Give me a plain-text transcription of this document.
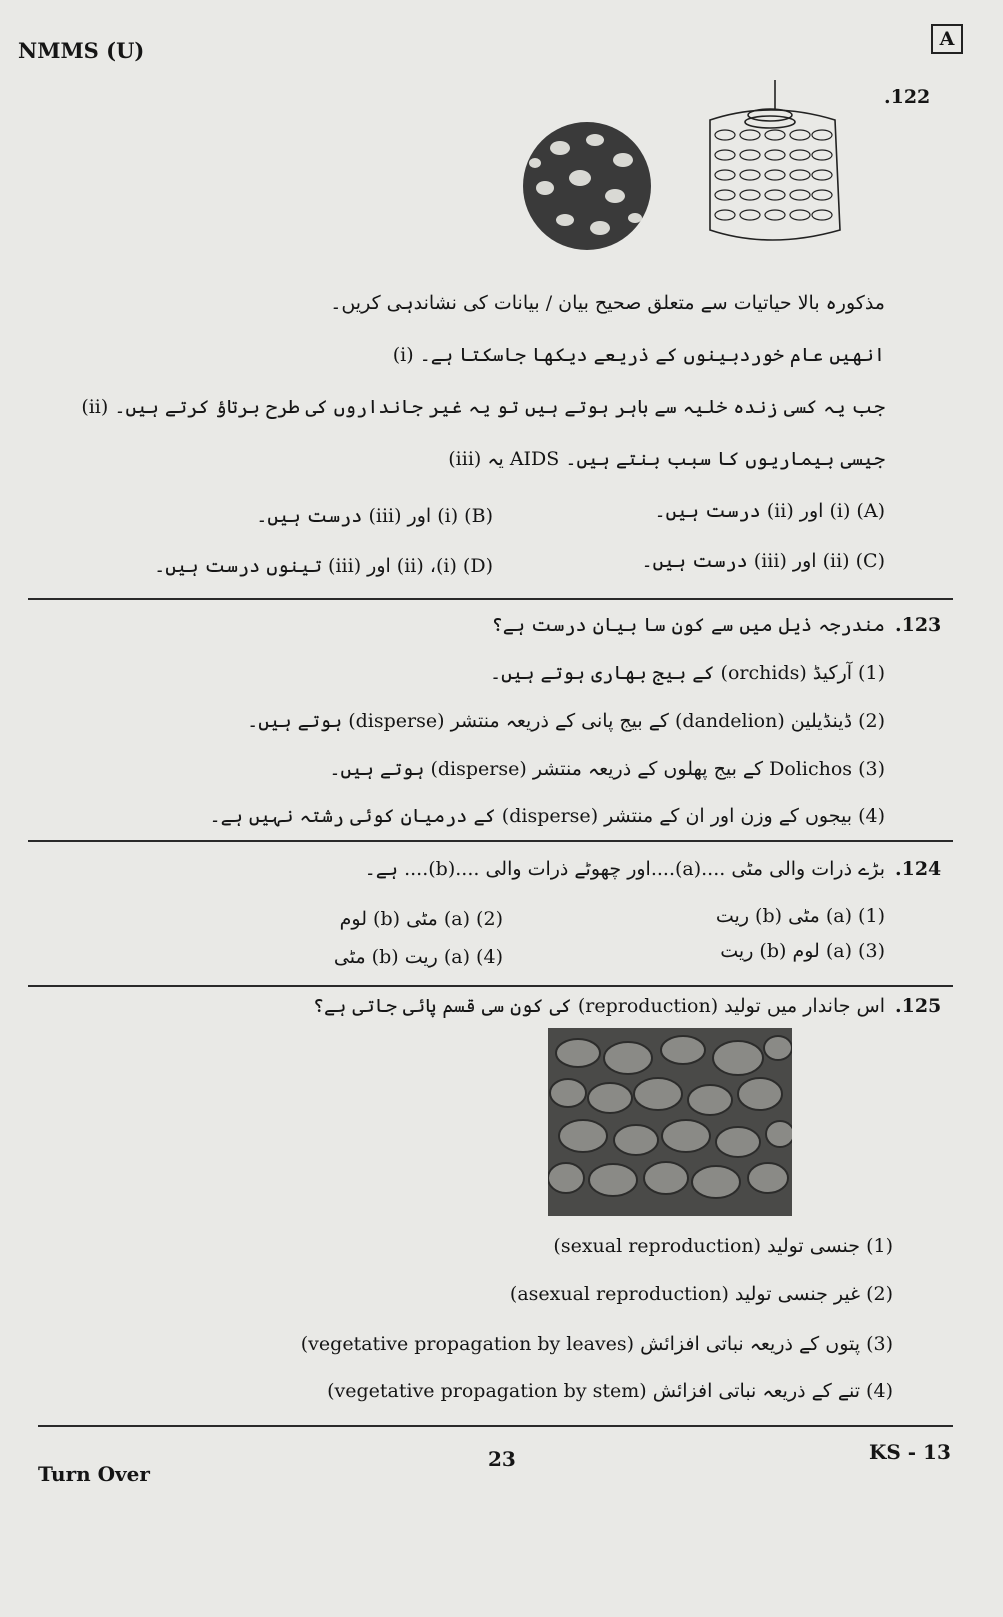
NMMS (U)	A
.122
مذکورہ بالا حیاتیات سے متعلق صحیح بیان / بیانات کی نشاندہی کریں۔
(i) انھیں عام خوردبینوں کے ذریعے دیکھا جاسکتا ہے۔
(ii) جب یہ کسی زندہ خلیہ سے باہر ہوتے ہیں تو یہ غیر جانداروں کی طرح برتاؤ کرتے ہیں۔
(iii) یہ AIDS جیسی بیماریوں کا سبب بنتے ہیں۔
(A) (i) اور (ii) درست ہیں۔
(B) (i) اور (iii) درست ہیں۔
(C) (ii) اور (iii) درست ہیں۔
(D) (i)، (ii) اور (iii) تینوں درست ہیں۔
.123
مندرجہ ذیل میں سے کون سا بیان درست ہے؟
(1) آرکیڈ (orchids) کے بیج بھاری ہوتے ہیں۔
(2) ڈینڈیلین (dandelion) کے بیج پانی کے ذریعہ منتشر (disperse) ہوتے ہیں۔
(3) Dolichos کے بیج پھلوں کے ذریعہ منتشر (disperse) ہوتے ہیں۔
(4) بیجوں کے وزن اور ان کے منتشر (disperse) کے درمیان کوئی رشتہ نہیں ہے۔
.124
بڑے ذرات والی مٹی ....(a)....اور چھوٹے ذرات والی ....(b).... ہے۔
(1) (a) مٹی (b) ریت
(2) (a) مٹی (b) لوم
(3) (a) لوم (b) ریت
(4) (a) ریت (b) مٹی
.125
اس جاندار میں تولید (reproduction) کی کون سی قسم پائی جاتی ہے؟
(1) جنسی تولید (sexual reproduction)
(2) غیر جنسی تولید (asexual reproduction)
(3) پتوں کے ذریعہ نباتی افزائش (vegetative propagation by leaves)
(4) تنے کے ذریعہ نباتی افزائش (vegetative propagation by stem)
Turn Over
23	KS - 13
